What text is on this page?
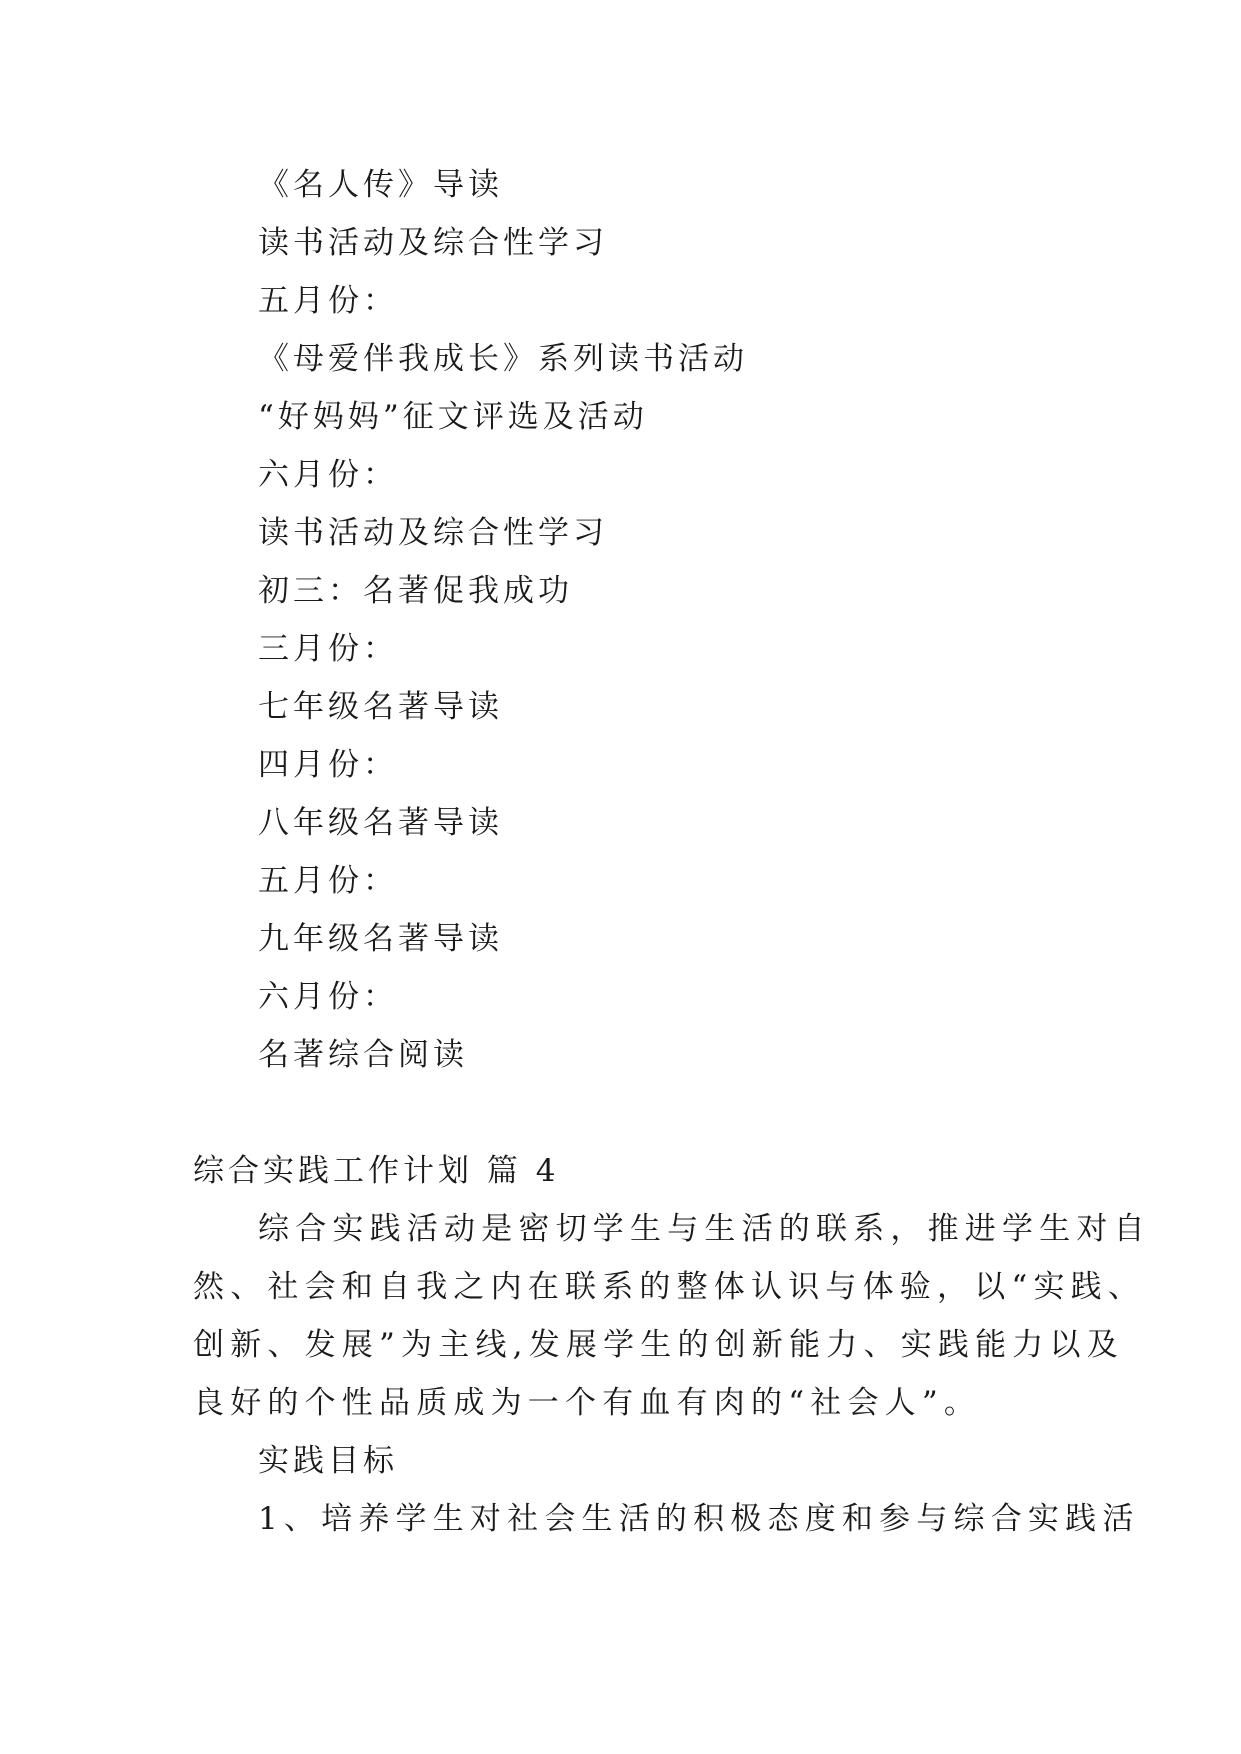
《名人传》导读

读书活动及综合性学习

五月份：

《母爱伴我成长》系列读书活动

“好妈妈”征文评选及活动

六月份：

读书活动及综合性学习

初三：名著促我成功

三月份：

七年级名著导读

四月份：

八年级名著导读

五月份：

九年级名著导读

六月份：

名著综合阅读

综合实践工作计划 篇 4

综合实践活动是密切学生与生活的联系，推进学生对自

然、社会和自我之内在联系的整体认识与体验，以“实践、

创新、发展”为主线,发展学生的创新能力、实践能力以及

良好的个性品质成为一个有血有肉的“社会人”。

实践目标

1、培养学生对社会生活的积极态度和参与综合实践活
